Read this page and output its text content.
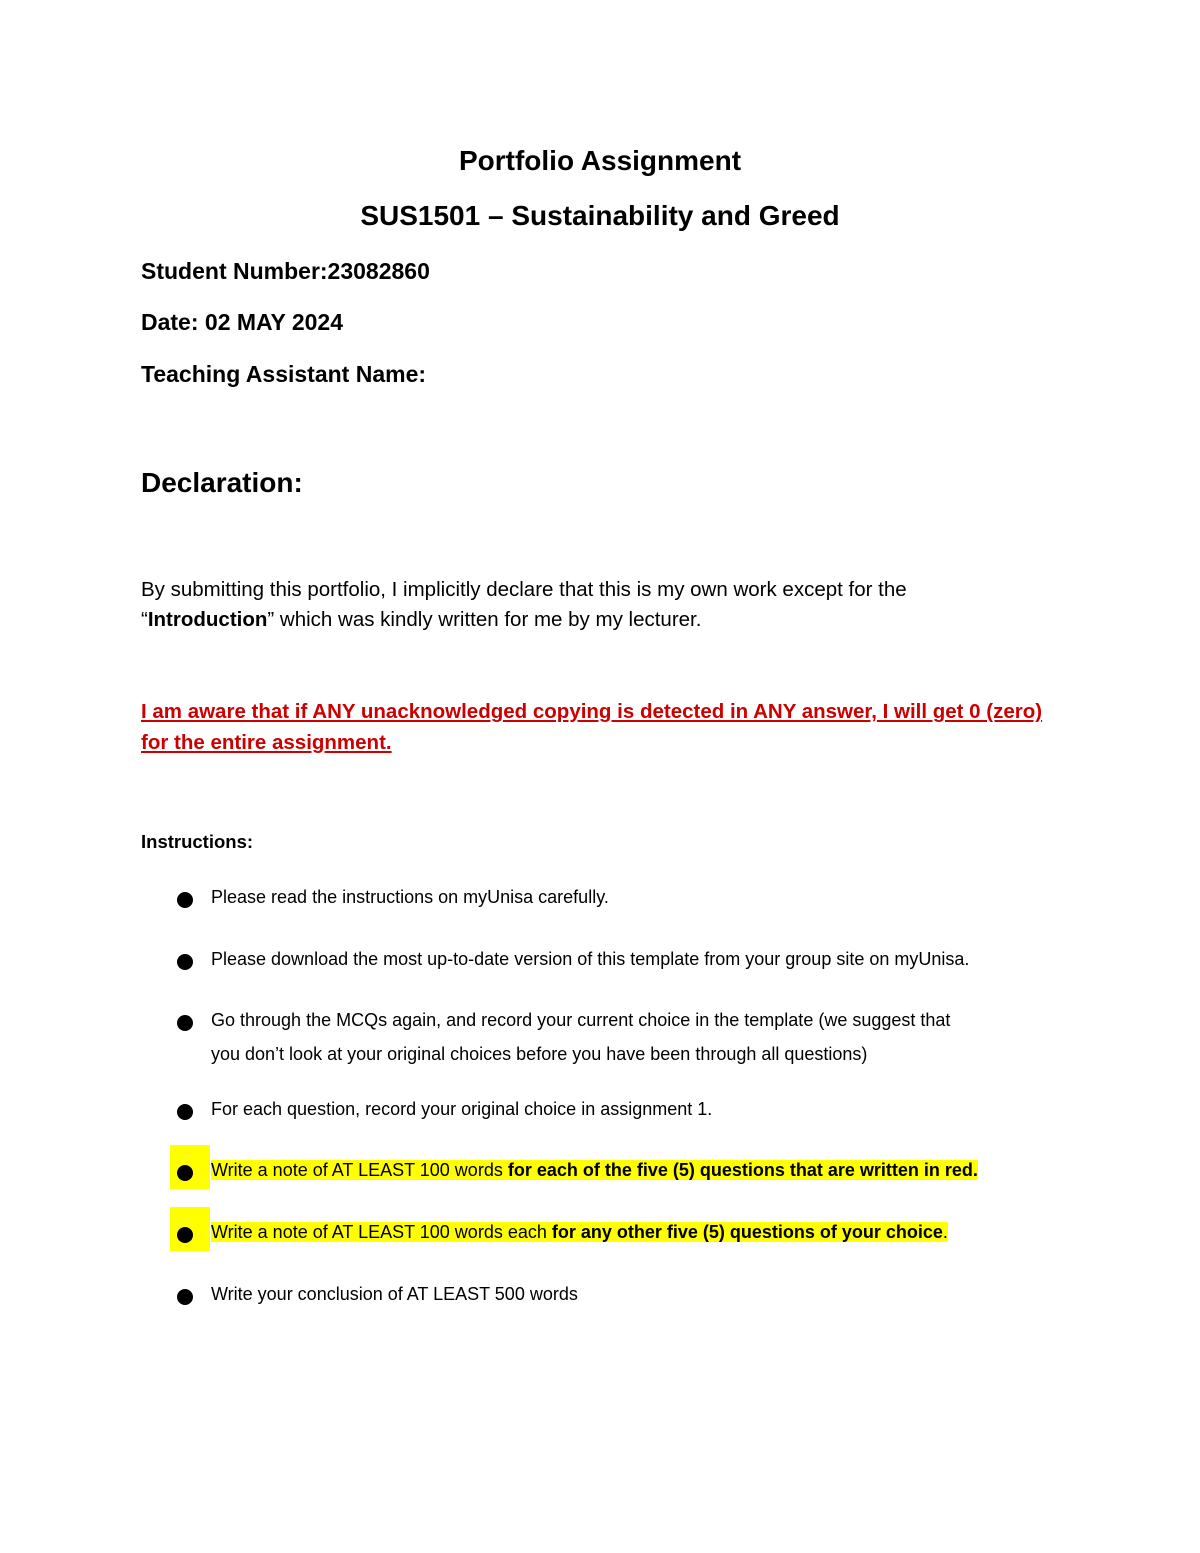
Portfolio Assignment
SUS1501 – Sustainability and Greed
Student Number:23082860
Date: 02 MAY 2024
Teaching Assistant Name:
Declaration:
By submitting this portfolio, I implicitly declare that this is my own work except for the
“Introduction” which was kindly written for me by my lecturer.
I am aware that if ANY unacknowledged copying is detected in ANY answer, I will get 0 (zero)
for the entire assignment.
Instructions:
Please read the instructions on myUnisa carefully.
Please download the most up-to-date version of this template from your group site on myUnisa.
Go through the MCQs again, and record your current choice in the template (we suggest that
you don’t look at your original choices before you have been through all questions)
For each question, record your original choice in assignment 1.
Write a note of AT LEAST 100 words for each of the five (5) questions that are written in red.
Write a note of AT LEAST 100 words each for any other five (5) questions of your choice.
Write your conclusion of AT LEAST 500 words
